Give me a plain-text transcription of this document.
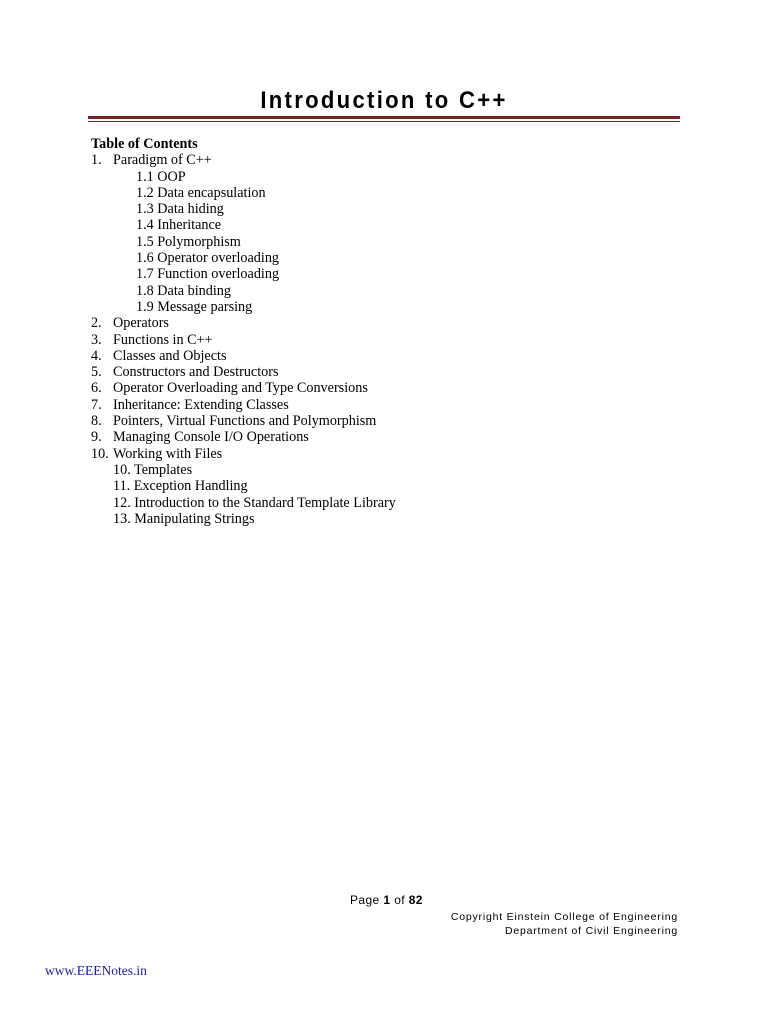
Introduction to C++
Table of Contents
1. Paradigm of C++
1.1 OOP
1.2 Data encapsulation
1.3 Data hiding
1.4 Inheritance
1.5 Polymorphism
1.6 Operator overloading
1.7 Function overloading
1.8 Data binding
1.9 Message parsing
2. Operators
3. Functions in C++
4. Classes and Objects
5. Constructors and Destructors
6. Operator Overloading and Type Conversions
7. Inheritance: Extending Classes
8. Pointers, Virtual Functions and Polymorphism
9. Managing Console I/O Operations
10. Working with Files
10. Templates
11. Exception Handling
12. Introduction to the Standard Template Library
13. Manipulating Strings
Page 1 of 82
Copyright Einstein College of Engineering
Department of Civil Engineering
www.EEENotes.in
